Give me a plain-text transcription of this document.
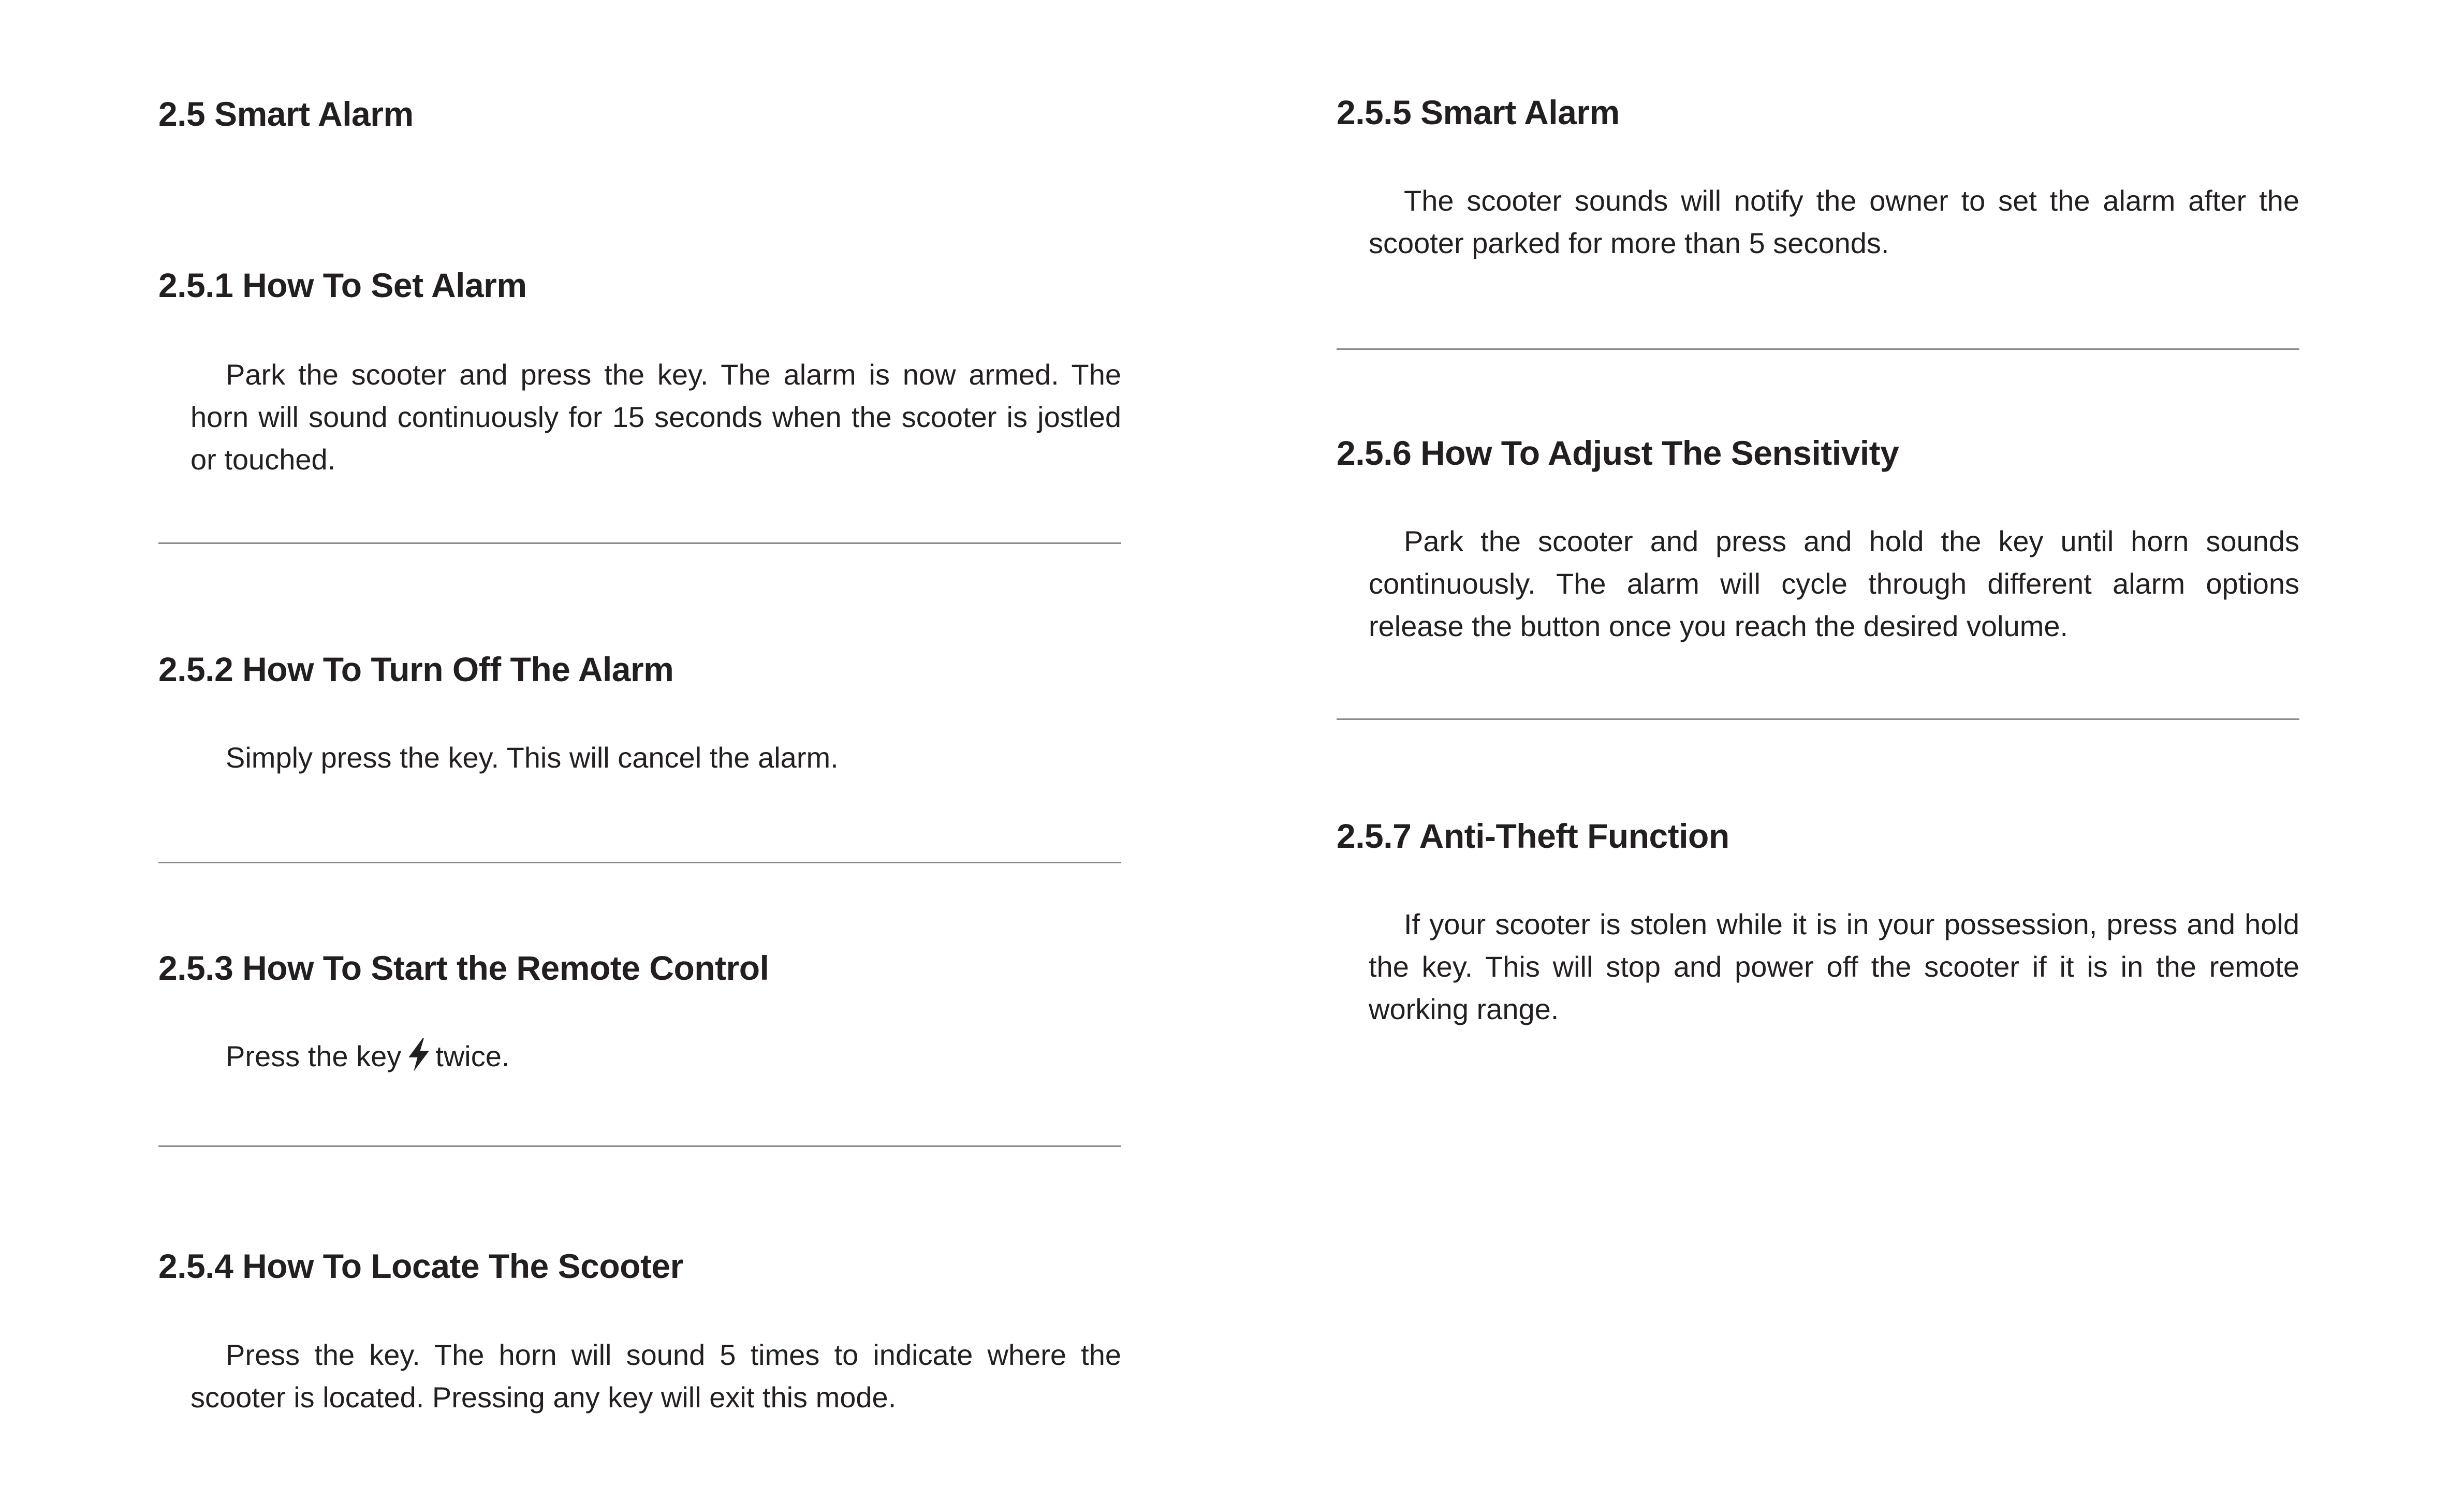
2.5 Smart Alarm
2.5.1 How To Set Alarm

Park the scooter and press the key. The alarm is now armed. The horn will sound continuously for 15 seconds when the scooter is jostled or touched.

2.5.2 How To Turn Off The Alarm

Simply press the key. This will cancel the alarm.

2.5.3 How To Start the Remote Control

Press the key twice.

2.5.4 How To Locate The Scooter

Press the key. The horn will sound 5 times to indicate where the scooter is located. Pressing any key will exit this mode.

2.5.5 Smart Alarm

The scooter sounds will notify the owner to set the alarm after the scooter parked for more than 5 seconds.

2.5.6 How To Adjust The Sensitivity

Park the scooter and press and hold the key until horn sounds continuously. The alarm will cycle through different alarm options release the button once you reach the desired volume.

2.5.7 Anti-Theft Function

If your scooter is stolen while it is in your possession, press and hold the key. This will stop and power off the scooter if it is in the remote working range.
